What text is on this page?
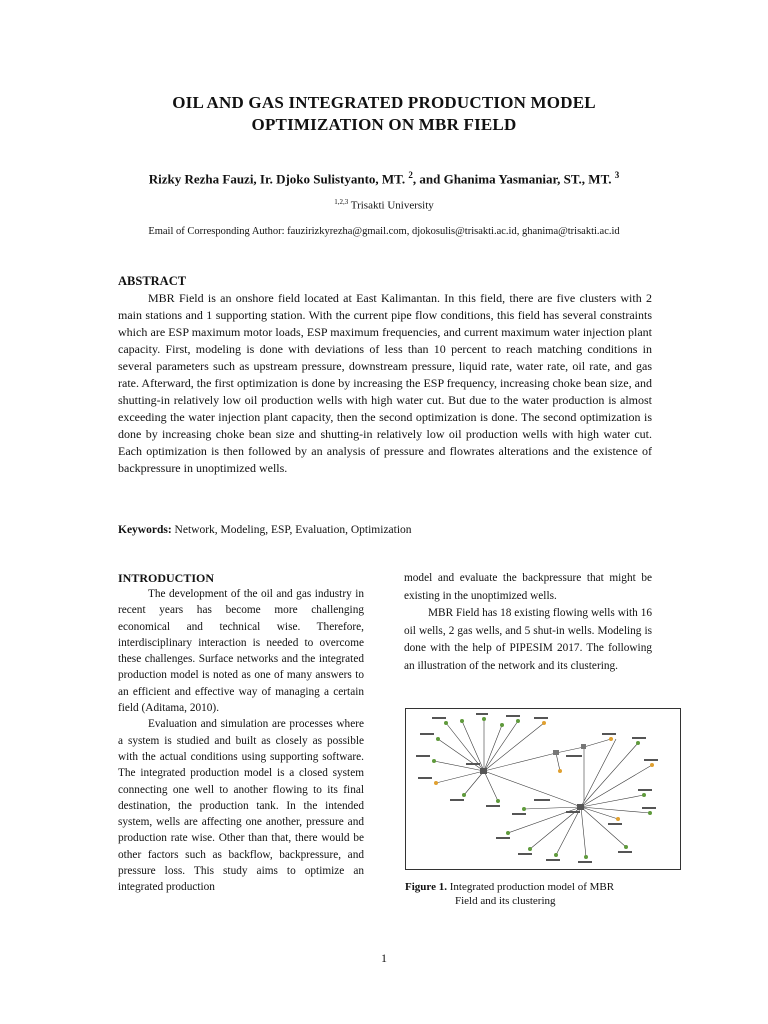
OIL AND GAS INTEGRATED PRODUCTION MODEL
OPTIMIZATION ON MBR FIELD
Rizky Rezha Fauzi, Ir. Djoko Sulistyanto, MT. $^2$, and Ghanima Yasmaniar, ST., MT. $^3$
$^{1,2,3}$ Trisakti University
Email of Corresponding Author: fauzirizkyrezha@gmail.com, djokosulis@trisakti.ac.id, ghanima@trisakti.ac.id
ABSTRACT

MBR Field is an onshore field located at East Kalimantan. In this field, there are five clusters with 2 main stations and 1 supporting station. With the current pipe flow conditions, this field has several constraints which are ESP maximum motor loads, ESP maximum frequencies, and current maximum water injection plant capacity. First, modeling is done with deviations of less than 10 percent to reach matching conditions in several parameters such as upstream pressure, downstream pressure, liquid rate, water rate, oil rate, and gas rate. Afterward, the first optimization is done by increasing the ESP frequency, increasing choke bean size, and shutting-in relatively low oil production wells with high water cut. But due to the water production is almost exceeding the water injection plant capacity, then the second optimization is done. The second optimization is done by increasing choke bean size and shutting-in relatively low oil production wells with high water cut. Each optimization is then followed by an analysis of pressure and flowrates alterations and the existence of backpressure in unoptimized wells.

Keywords: Network, Modeling, ESP, Evaluation, Optimization
INTRODUCTION

The development of the oil and gas industry in recent years has become more challenging economical and technical wise. Therefore, interdisciplinary interaction is needed to overcome these challenges. Surface networks and the integrated production model is noted as one of many answers to an efficient and effective way of managing a certain field (Aditama, 2010).

Evaluation and simulation are processes where a system is studied and built as closely as possible with the actual conditions using supporting software. The integrated production model is a closed system connecting one well to another flowing to its final destination, the production tank. In the intended system, wells are affecting one another, pressure and production rate wise. Other than that, there would be other factors such as backflow, backpressure, and pressure loss. This study aims to optimize an integrated production

model and evaluate the backpressure that might be existing in the unoptimized wells.

MBR Field has 18 existing flowing wells with 16 oil wells, 2 gas wells, and 5 shut-in wells. Modeling is done with the help of PIPESIM 2017. The following an illustration of the network and its clustering.

Figure 1. Integrated production model of MBR
Field and its clustering
1
